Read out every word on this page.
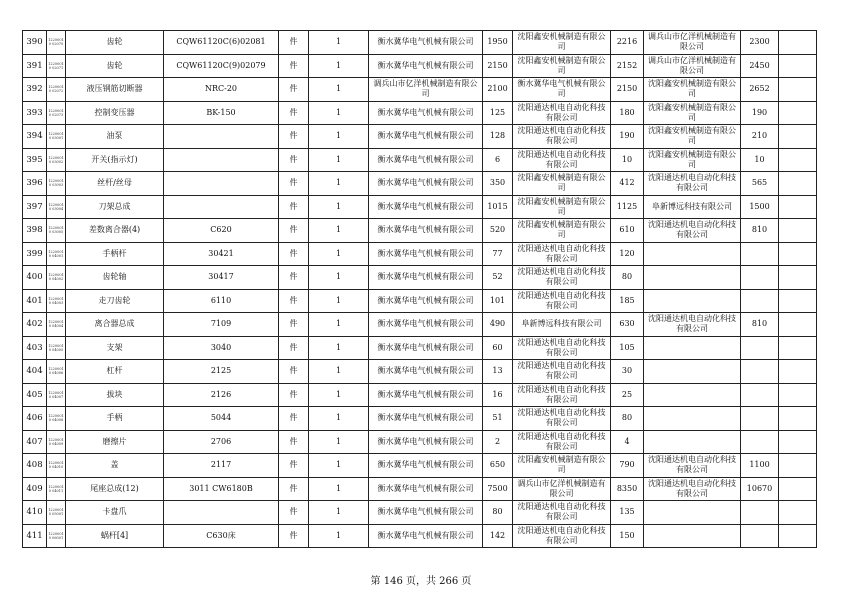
390	12200010 02070	齿轮	CQW61120C(6)02081	件	1	衡水冀华电气机械有限公司	1950	沈阳鑫安机械制造有限公司	2216	调兵山市亿洋机械制造有限公司	2300	
391	12200010 02071	齿轮	CQW61120C(9)02079	件	1	衡水冀华电气机械有限公司	2150	沈阳鑫安机械制造有限公司	2152	调兵山市亿洋机械制造有限公司	2450	
392	12200010 02072	液压钢筋切断器	NRC-20	件	1	调兵山市亿洋机械制造有限公司	2100	衡水冀华电气机械有限公司	2150	沈阳鑫安机械制造有限公司	2652	
393	12200010 02073	控制变压器	BK-150	件	1	衡水冀华电气机械有限公司	125	沈阳通达机电自动化科技有限公司	180	沈阳鑫安机械制造有限公司	190	
394	12200010 03001	油泵		件	1	衡水冀华电气机械有限公司	128	沈阳通达机电自动化科技有限公司	190	沈阳鑫安机械制造有限公司	210	
395	12200010 03002	开关(指示灯)		件	1	衡水冀华电气机械有限公司	6	沈阳通达机电自动化科技有限公司	10	沈阳鑫安机械制造有限公司	10	
396	12200010 03003	丝杆/丝母		件	1	衡水冀华电气机械有限公司	350	沈阳鑫安机械制造有限公司	412	沈阳通达机电自动化科技有限公司	565	
397	12200010 03004	刀架总成		件	1	衡水冀华电气机械有限公司	1015	沈阳鑫安机械制造有限公司	1125	阜新博远科技有限公司	1500	
398	12200010 03005	差数离合器(4)	C620	件	1	衡水冀华电气机械有限公司	520	沈阳鑫安机械制造有限公司	610	沈阳通达机电自动化科技有限公司	810	
399	12200010 04001	手柄杆	30421	件	1	衡水冀华电气机械有限公司	77	沈阳通达机电自动化科技有限公司	120			
400	12200010 04002	齿轮轴	30417	件	1	衡水冀华电气机械有限公司	52	沈阳通达机电自动化科技有限公司	80			
401	12200010 04003	走刀齿轮	6110	件	1	衡水冀华电气机械有限公司	101	沈阳通达机电自动化科技有限公司	185			
402	12200010 04004	离合器总成	7109	件	1	衡水冀华电气机械有限公司	490	阜新博远科技有限公司	630	沈阳通达机电自动化科技有限公司	810	
403	12200010 04005	支架	3040	件	1	衡水冀华电气机械有限公司	60	沈阳通达机电自动化科技有限公司	105			
404	12200010 04006	杠杆	2125	件	1	衡水冀华电气机械有限公司	13	沈阳通达机电自动化科技有限公司	30			
405	12200010 04007	拔块	2126	件	1	衡水冀华电气机械有限公司	16	沈阳通达机电自动化科技有限公司	25			
406	12200010 04008	手柄	5044	件	1	衡水冀华电气机械有限公司	51	沈阳通达机电自动化科技有限公司	80			
407	12200010 04009	磨擦片	2706	件	1	衡水冀华电气机械有限公司	2	沈阳通达机电自动化科技有限公司	4			
408	12200010 04010	盖	2117	件	1	衡水冀华电气机械有限公司	650	沈阳鑫安机械制造有限公司	790	沈阳通达机电自动化科技有限公司	1100	
409	12200010 04011	尾座总成(12)	3011 CW6180B	件	1	衡水冀华电气机械有限公司	7500	调兵山市亿洋机械制造有限公司	8350	沈阳通达机电自动化科技有限公司	10670	
410	12200010 05001	卡盘爪		件	1	衡水冀华电气机械有限公司	80	沈阳通达机电自动化科技有限公司	135			
411	12200010 06001	蜗杆[4]	C630床	件	1	衡水冀华电气机械有限公司	142	沈阳通达机电自动化科技有限公司	150			
第 146 页，共 266 页
